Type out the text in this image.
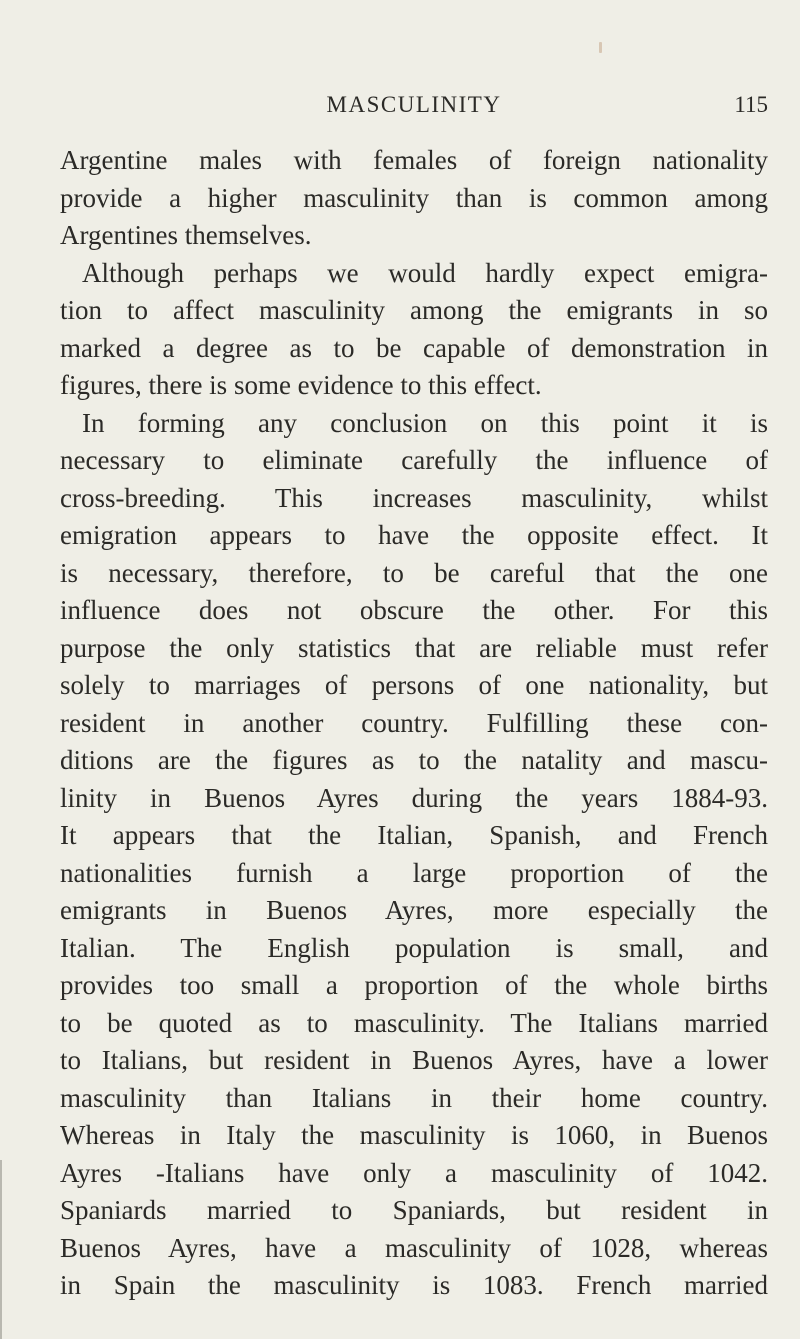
MASCULINITY	115
Argentine males with females of foreign nationality
provide a higher masculinity than is common among
Argentines themselves.
Although perhaps we would hardly expect emigra-
tion to affect masculinity among the emigrants in so
marked a degree as to be capable of demonstration in
figures, there is some evidence to this effect.
In forming any conclusion on this point it is
necessary to eliminate carefully the influence of
cross-breeding. This increases masculinity, whilst
emigration appears to have the opposite effect. It
is necessary, therefore, to be careful that the one
influence does not obscure the other. For this
purpose the only statistics that are reliable must refer
solely to marriages of persons of one nationality, but
resident in another country. Fulfilling these con-
ditions are the figures as to the natality and mascu-
linity in Buenos Ayres during the years 1884-93.
It appears that the Italian, Spanish, and French
nationalities furnish a large proportion of the
emigrants in Buenos Ayres, more especially the
Italian. The English population is small, and
provides too small a proportion of the whole births
to be quoted as to masculinity. The Italians married
to Italians, but resident in Buenos Ayres, have a lower
masculinity than Italians in their home country.
Whereas in Italy the masculinity is 1060, in Buenos
Ayres -Italians have only a masculinity of 1042.
Spaniards married to Spaniards, but resident in
Buenos Ayres, have a masculinity of 1028, whereas
in Spain the masculinity is 1083. French married
